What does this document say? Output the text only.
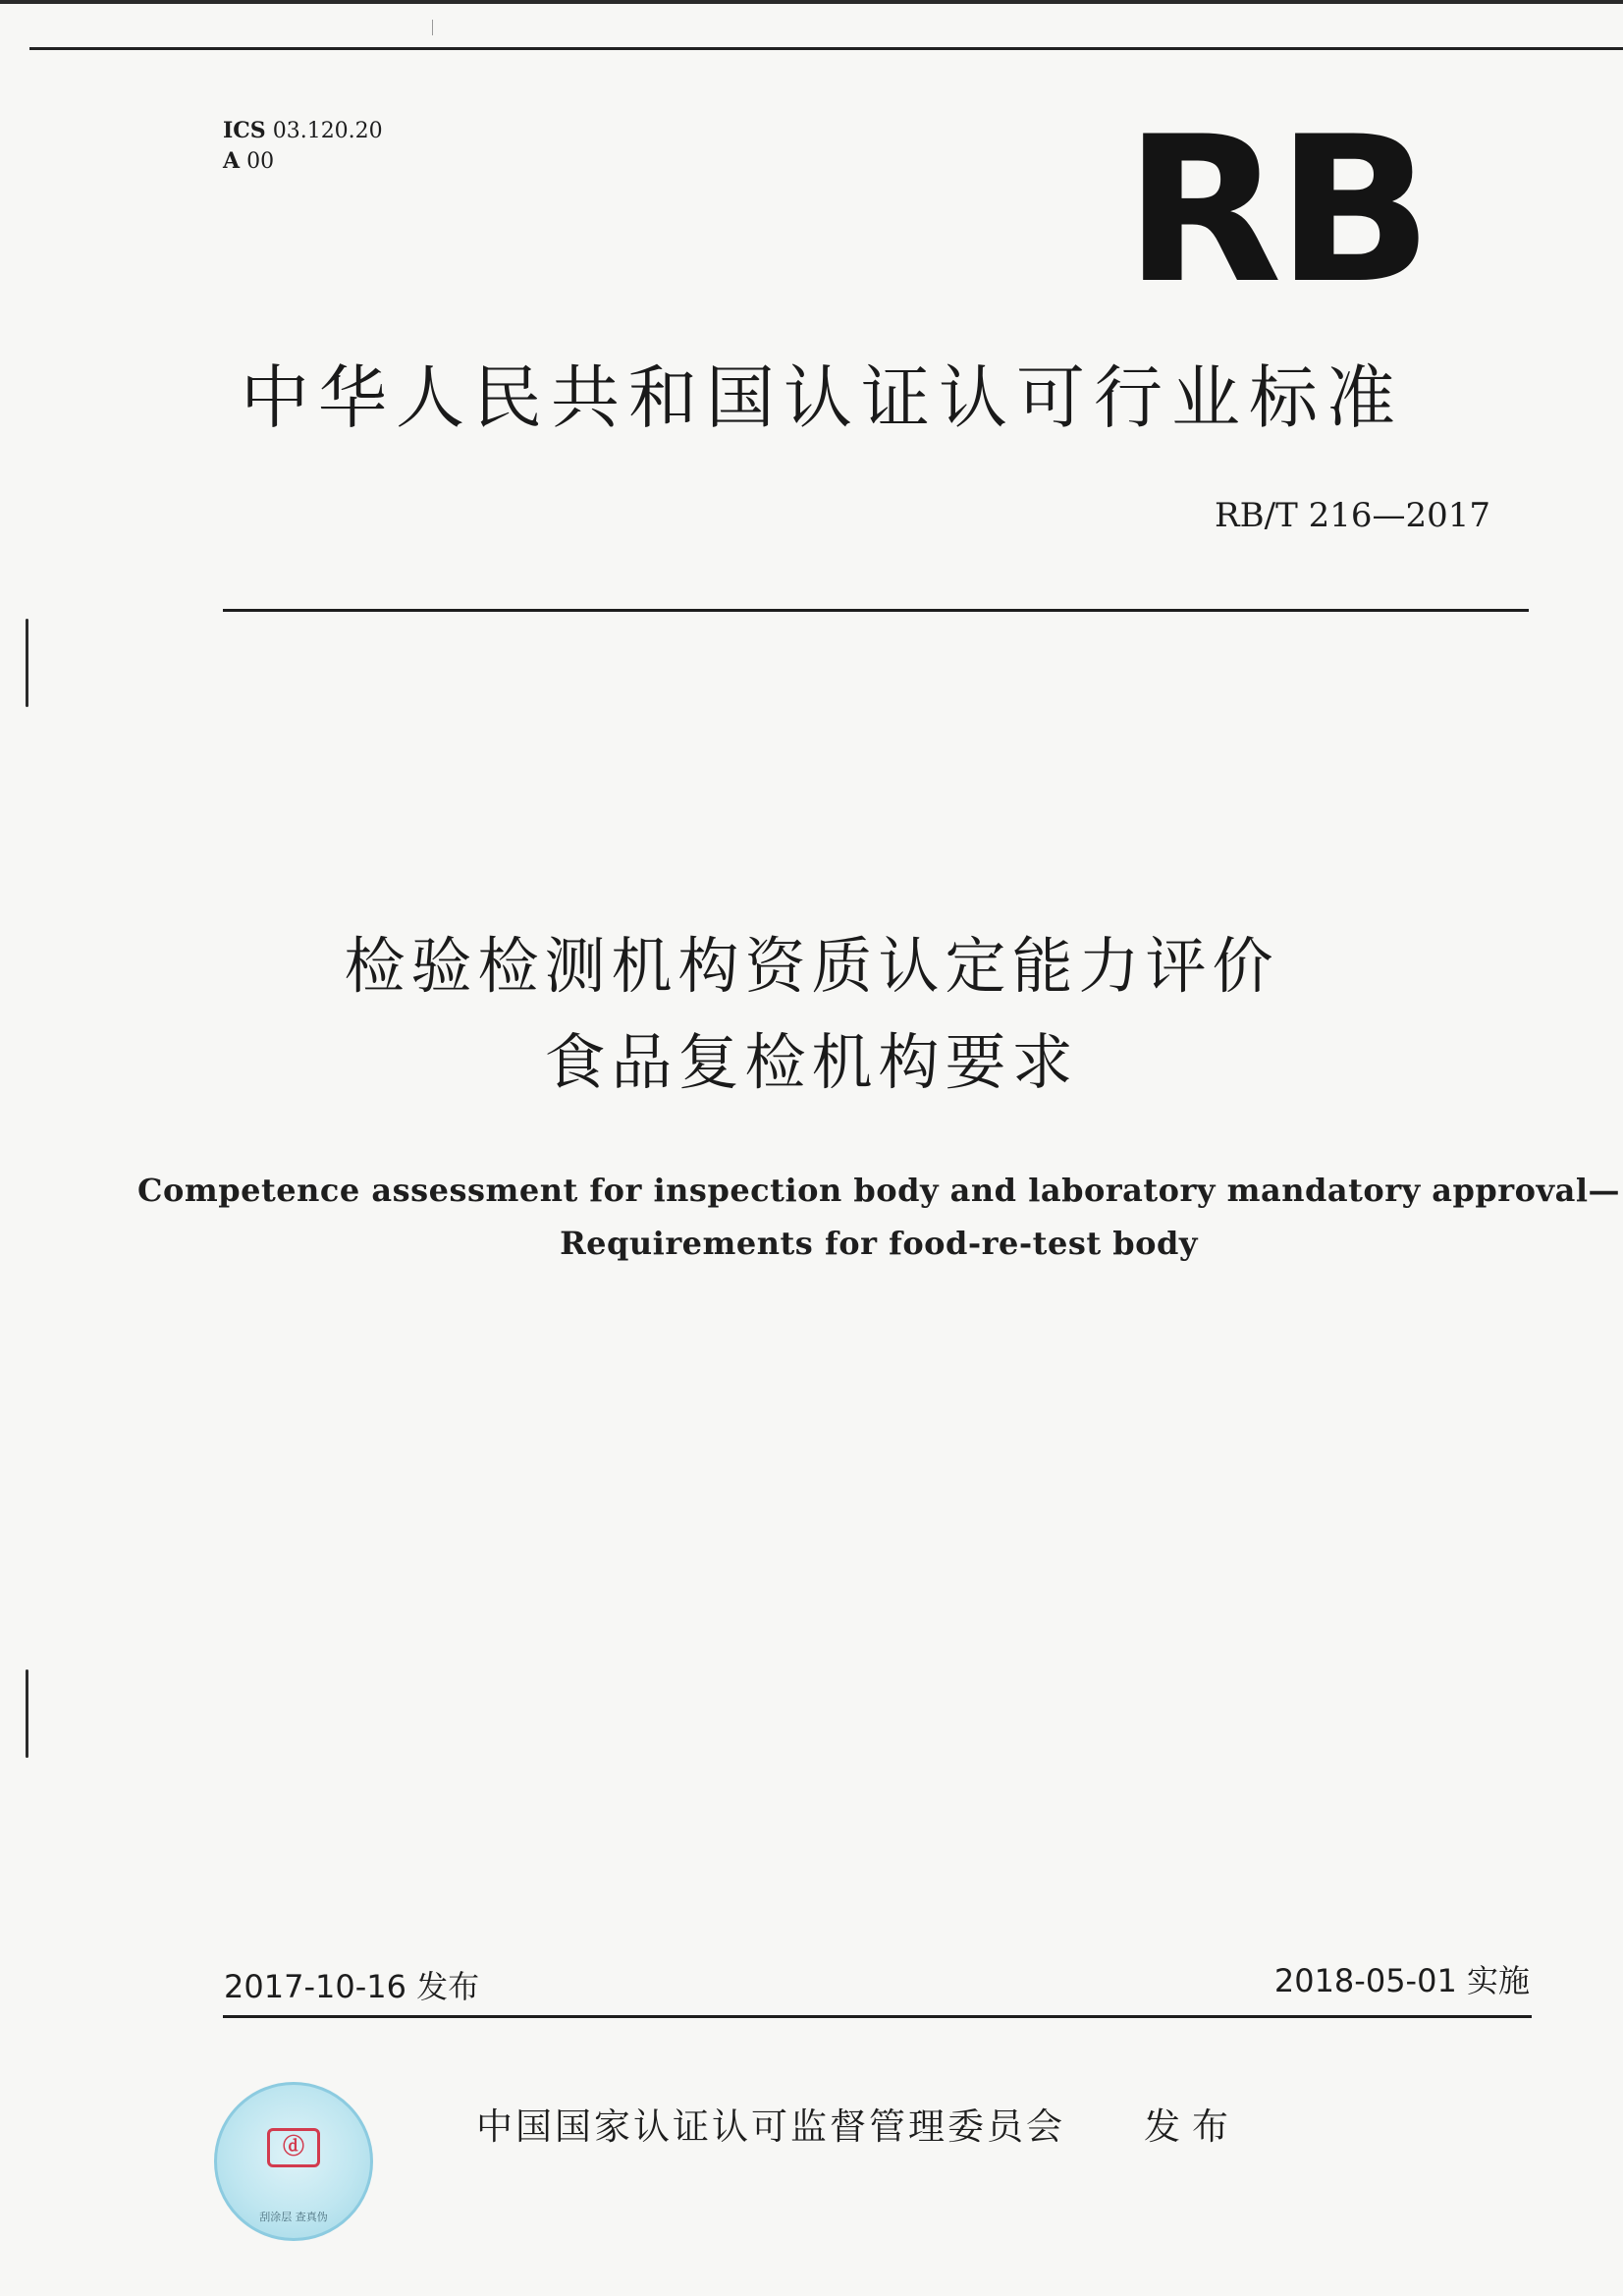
ICS 03.120.20
A 00	RB
中华人民共和国认证认可行业标准
RB/T 216—2017
检验检测机构资质认定能力评价
食品复检机构要求
Competence assessment for inspection body and laboratory mandatory approval—
Requirements for food-re-test body
2017-10-16 发布	2018-05-01 实施
ⓓ
刮涂层 查真伪
中国国家认证认可监督管理委员会 发布
